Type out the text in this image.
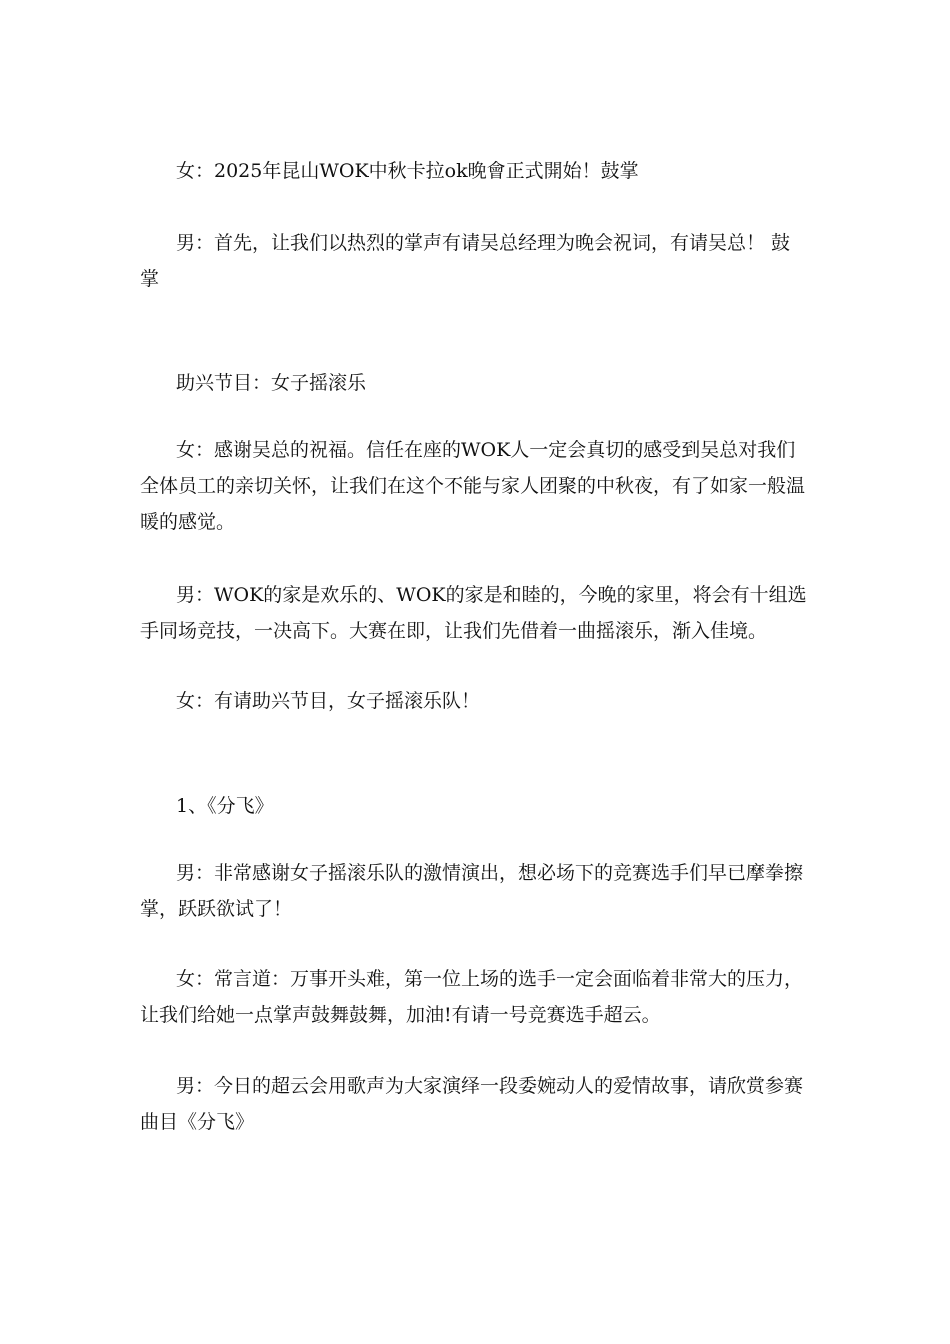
女：2025年昆山WOK中秋卡拉ok晚會正式開始！鼓掌

男：首先，让我们以热烈的掌声有请吴总经理为晚会祝词，有请吴总！ 鼓掌

助兴节目：女子摇滚乐

女：感谢吴总的祝福。信任在座的WOK人一定会真切的感受到吴总对我们全体员工的亲切关怀，让我们在这个不能与家人团聚的中秋夜，有了如家一般温暖的感觉。

男：WOK的家是欢乐的、WOK的家是和睦的，今晚的家里，将会有十组选手同场竞技，一决高下。大赛在即，让我们先借着一曲摇滚乐，渐入佳境。

女：有请助兴节目，女子摇滚乐队！

1、《分飞》

男：非常感谢女子摇滚乐队的激情演出，想必场下的竞赛选手们早已摩拳擦掌，跃跃欲试了！

女：常言道：万事开头难，第一位上场的选手一定会面临着非常大的压力，让我们给她一点掌声鼓舞鼓舞，加油!有请一号竞赛选手超云。

男：今日的超云会用歌声为大家演绎一段委婉动人的爱情故事，请欣赏参赛曲目《分飞》
